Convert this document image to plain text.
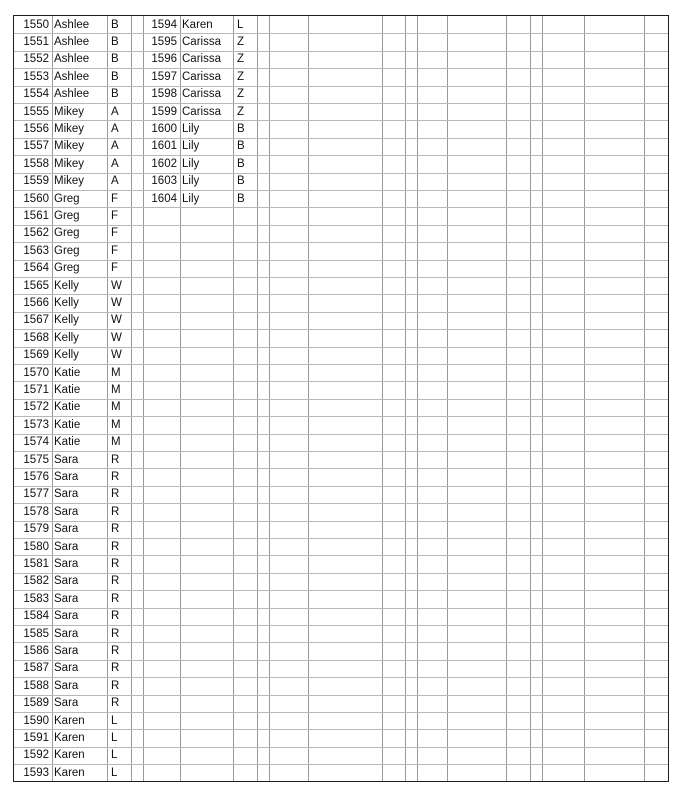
1550 Ashlee	B
1551 Ashlee	B
1552 Ashlee	B
1553 Ashlee	B
1554 Ashlee	B
1555 Mikey	A
1556 Mikey	A
1557 Mikey	A
1558 Mikey	A
1559 Mikey	A
1560 Greg	F
1561 Greg	F
1562 Greg	F
1563 Greg	F
1564 Greg	F
1565 Kelly	W
1566 Kelly	W
1567 Kelly	W
1568 Kelly	W
1569 Kelly	W
1570 Katie	M
1571 Katie	M
1572 Katie	M
1573 Katie	M
1574 Katie	M
1575 Sara	R
1576 Sara	R
1577 Sara	R
1578 Sara	R
1579 Sara	R
1580 Sara	R
1581 Sara	R
1582 Sara	R
1583 Sara	R
1584 Sara	R
1585 Sara	R
1586 Sara	R
1587 Sara	R
1588 Sara	R
1589 Sara	R
1590 Karen	L
1591 Karen	L
1592 Karen	L
1593 Karen	L
1594 Karen	L
1595 Carissa	Z
1596 Carissa	Z
1597 Carissa	Z
1598 Carissa	Z
1599 Carissa	Z
1600 Lily	B
1601 Lily	B
1602 Lily	B
1603 Lily	B
1604 Lily	B
